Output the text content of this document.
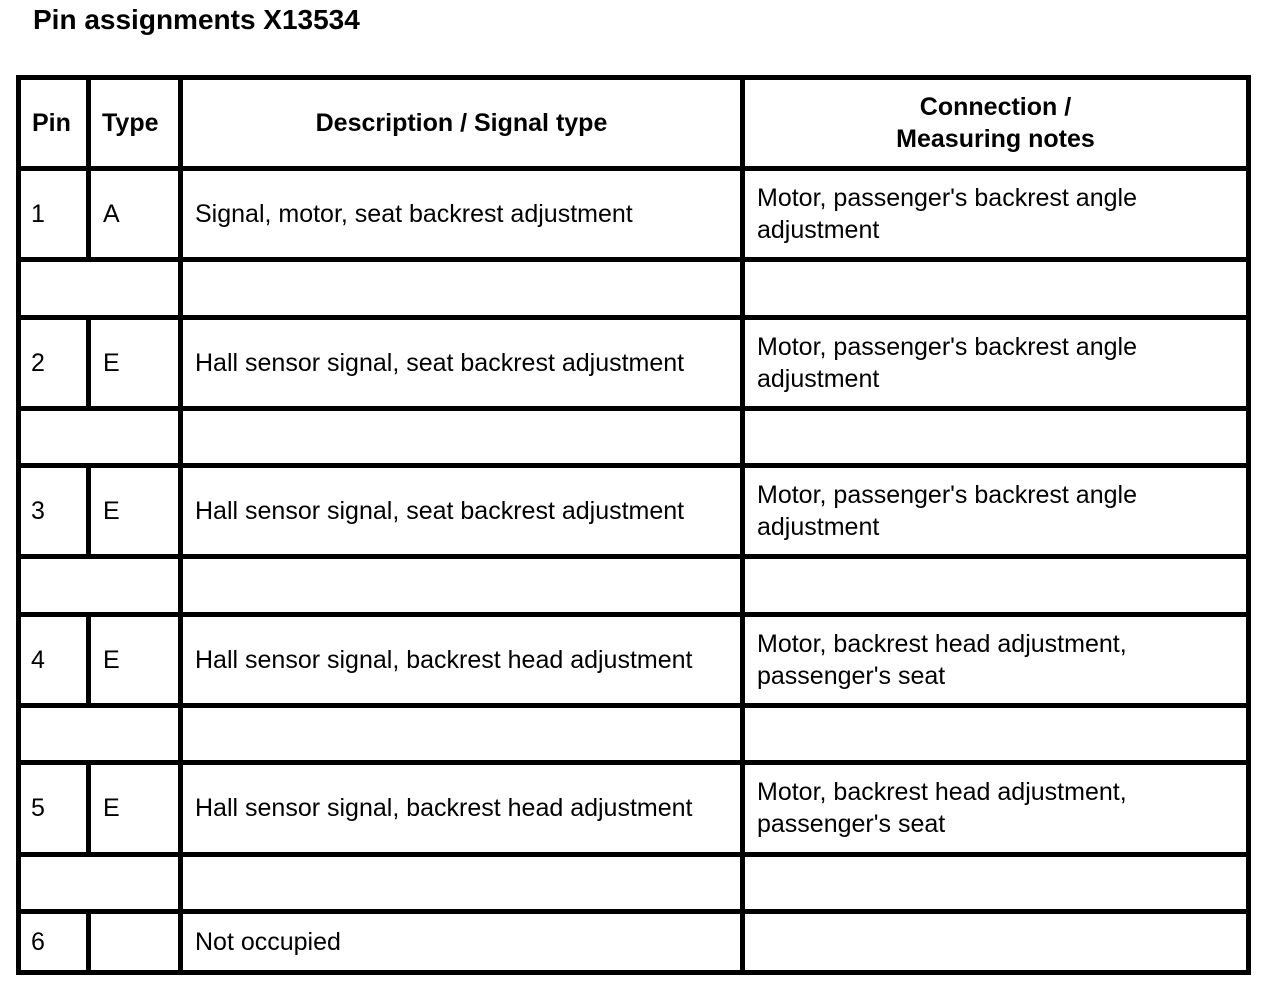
Pin assignments X13534
Pin	Type	Description / Signal type	Connection /
Measuring notes
1	A	Signal, motor, seat backrest adjustment	Motor, passenger's backrest angle adjustment

2	E	Hall sensor signal, seat backrest adjustment	Motor, passenger's backrest angle adjustment

3	E	Hall sensor signal, seat backrest adjustment	Motor, passenger's backrest angle adjustment

4	E	Hall sensor signal, backrest head adjustment	Motor, backrest head adjustment, passenger's seat

5	E	Hall sensor signal, backrest head adjustment	Motor, backrest head adjustment, passenger's seat

6		Not occupied	
